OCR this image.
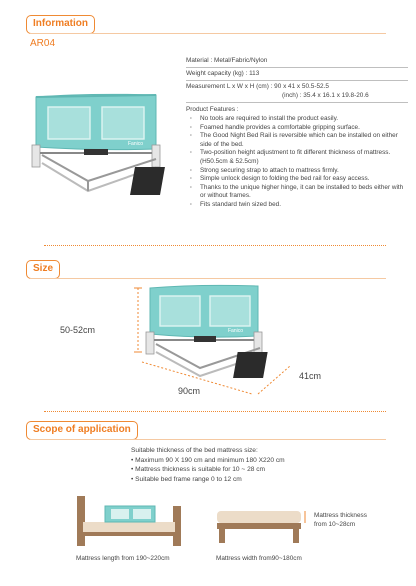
Information
AR04
Fanico
Material : Metal/Fabric/Nylon
Weight capacity (kg) : 113
Measurement L x W x H (cm) : 90 x 41 x 50.5-52.5
(inch) : 35.4 x 16.1 x 19.8-20.6
Product Features :
· No tools are required to install the product easily.
· Foamed handle provides a comfortable gripping surface.
· The Good Night Bed Rail is reversible which can be installed on either side of the bed.
· Two-position height adjustment to fit different thickness of mattress. (H50.5cm & 52.5cm)
· Strong securing strap to attach to mattress firmly.
· Simple unlock design to folding the bed rail for easy access.
· Thanks to the unique higher hinge, it can be installed to beds either with or without frames.
· Fits standard twin sized bed.
Size
Fanico
50-52cm
90cm
41cm
Scope of application
Suitable thickness of the bed mattress size:
• Maximum 90 X 190 cm and minimum 180 X220 cm
• Mattress thickness is suitable for 10 ~ 28 cm
• Suitable bed frame range 0 to 12 cm
Mattress length from 190~220cm
Mattress thickness
from 10~28cm
Mattress width from90~180cm
